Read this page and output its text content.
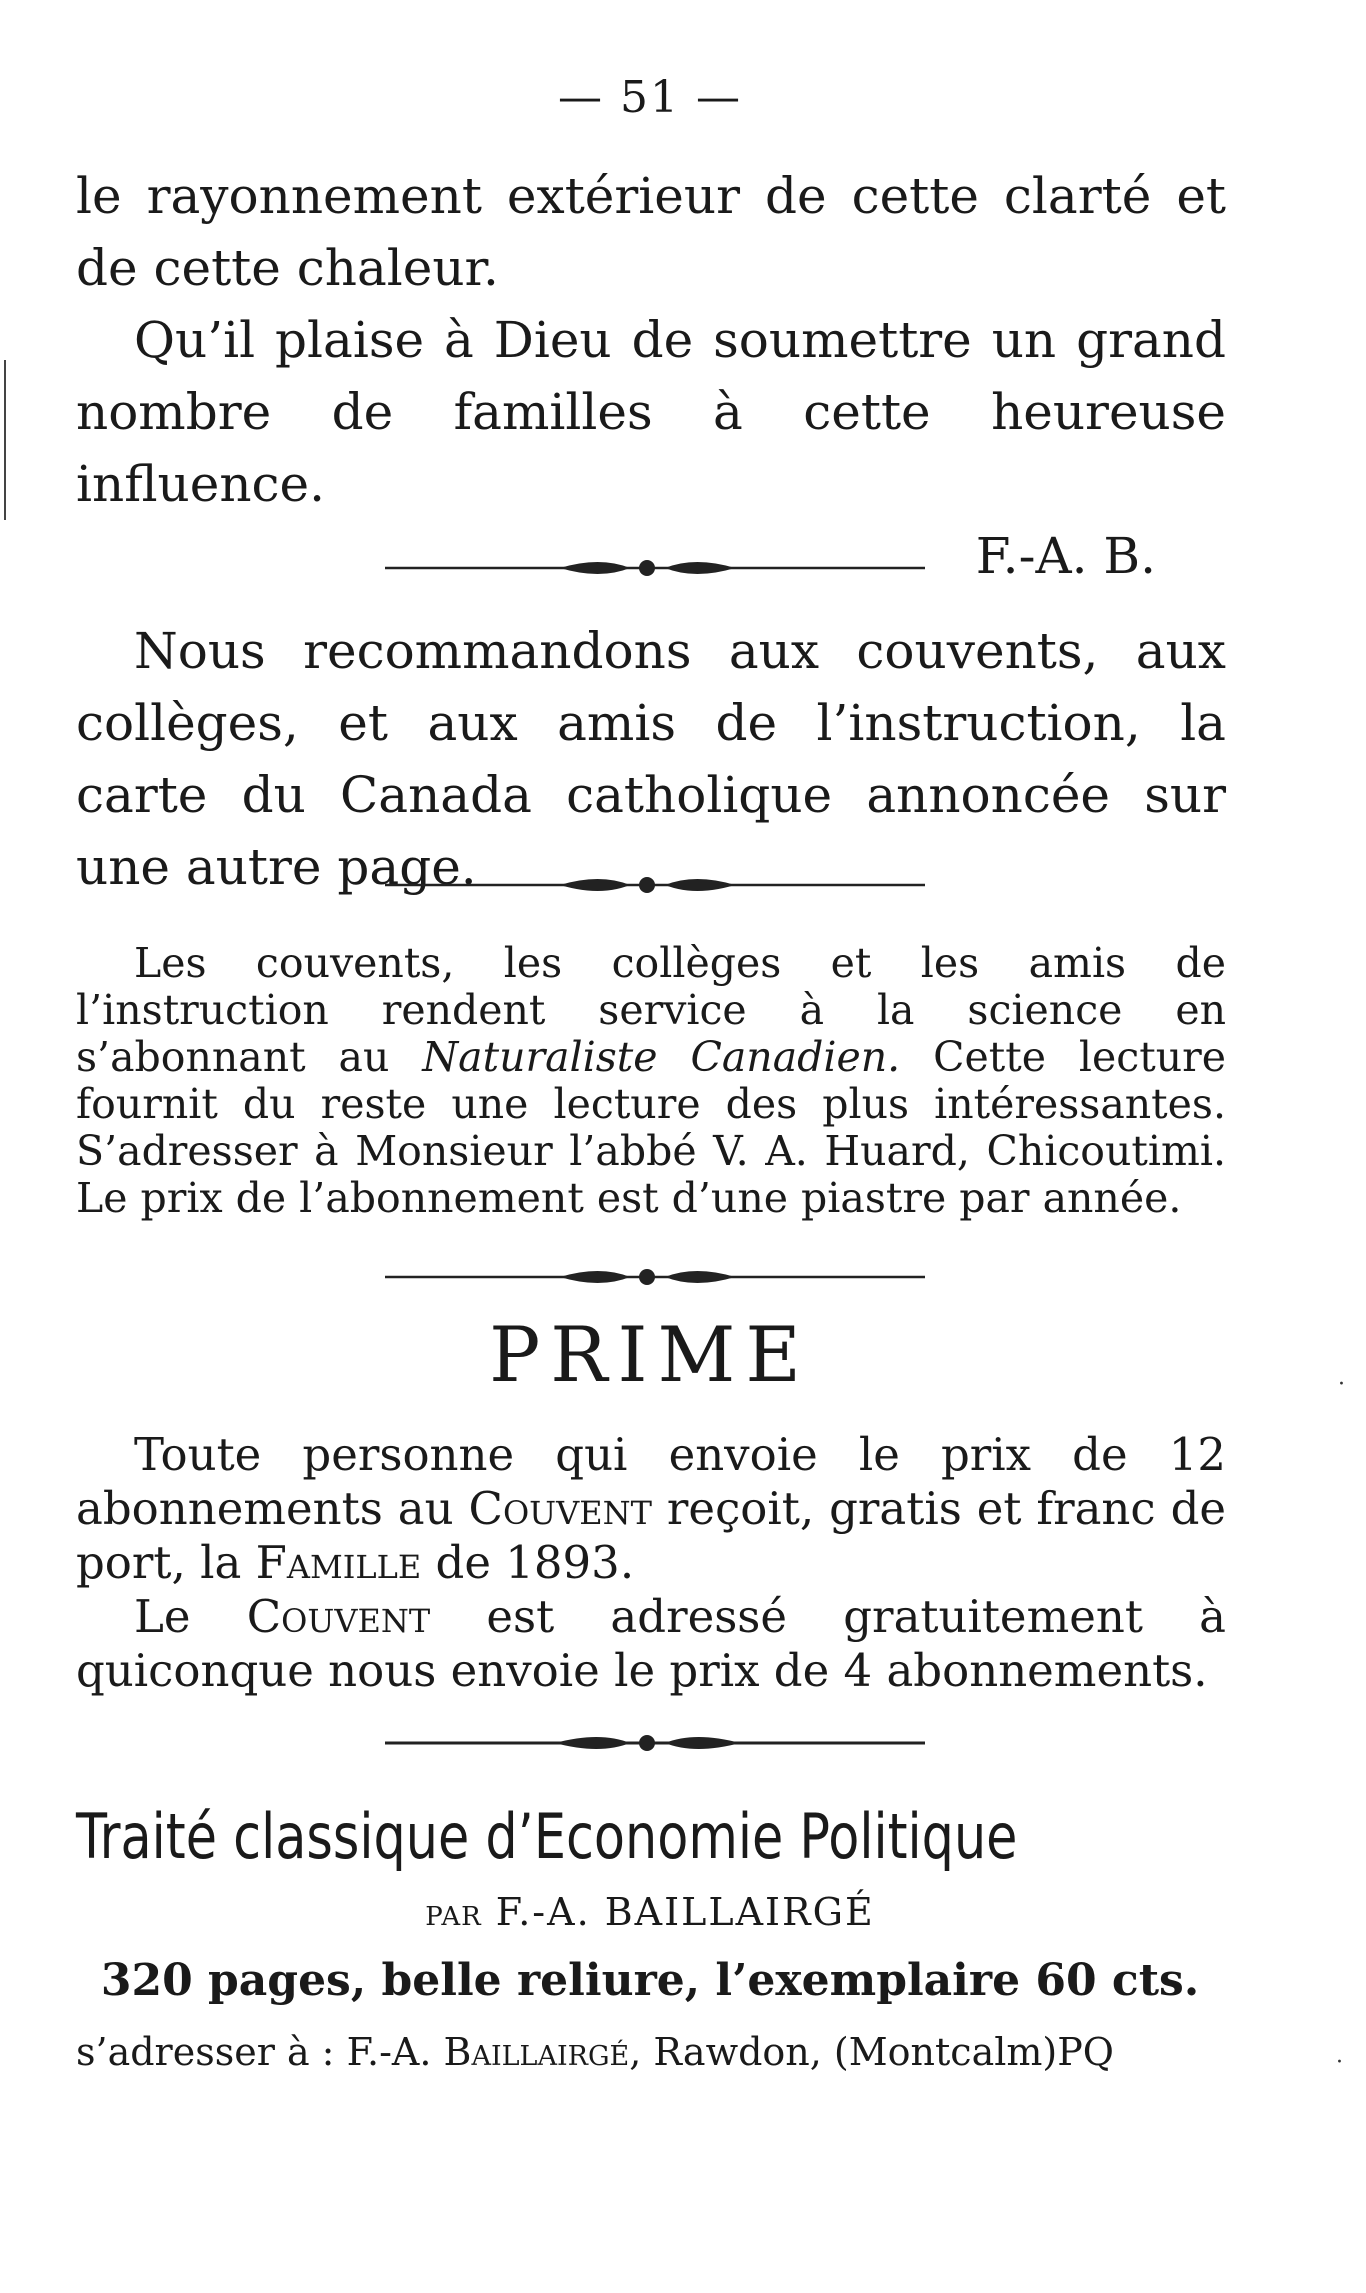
— 51 —

le rayonnement extérieur de cette clarté et de cette chaleur.

Qu’il plaise à Dieu de soumettre un grand nombre de familles à cette heureuse influence.

F.-A. B.

Nous recommandons aux couvents, aux collèges, et aux amis de l’instruction, la carte du Canada catholique annoncée sur une autre page.

Les couvents, les collèges et les amis de l’instruction rendent service à la science en s’abonnant au Naturaliste Canadien. Cette lecture fournit du reste une lecture des plus intéressantes. S’adresser à Monsieur l’abbé V. A. Huard, Chicoutimi. Le prix de l’abonnement est d’une piastre par année.

PRIME

Toute personne qui envoie le prix de 12 abonnements au Couvent reçoit, gratis et franc de port, la Famille de 1893.

Le Couvent est adressé gratuitement à quiconque nous envoie le prix de 4 abonnements.

Traité classique d’Economie Politique
PAR F.-A. BAILLAIRGÉ
320 pages, belle reliure, l’exemplaire 60 cts.
s’adresser à : F.-A. Baillairgé, Rawdon, (Montcalm)PQ
·
·
